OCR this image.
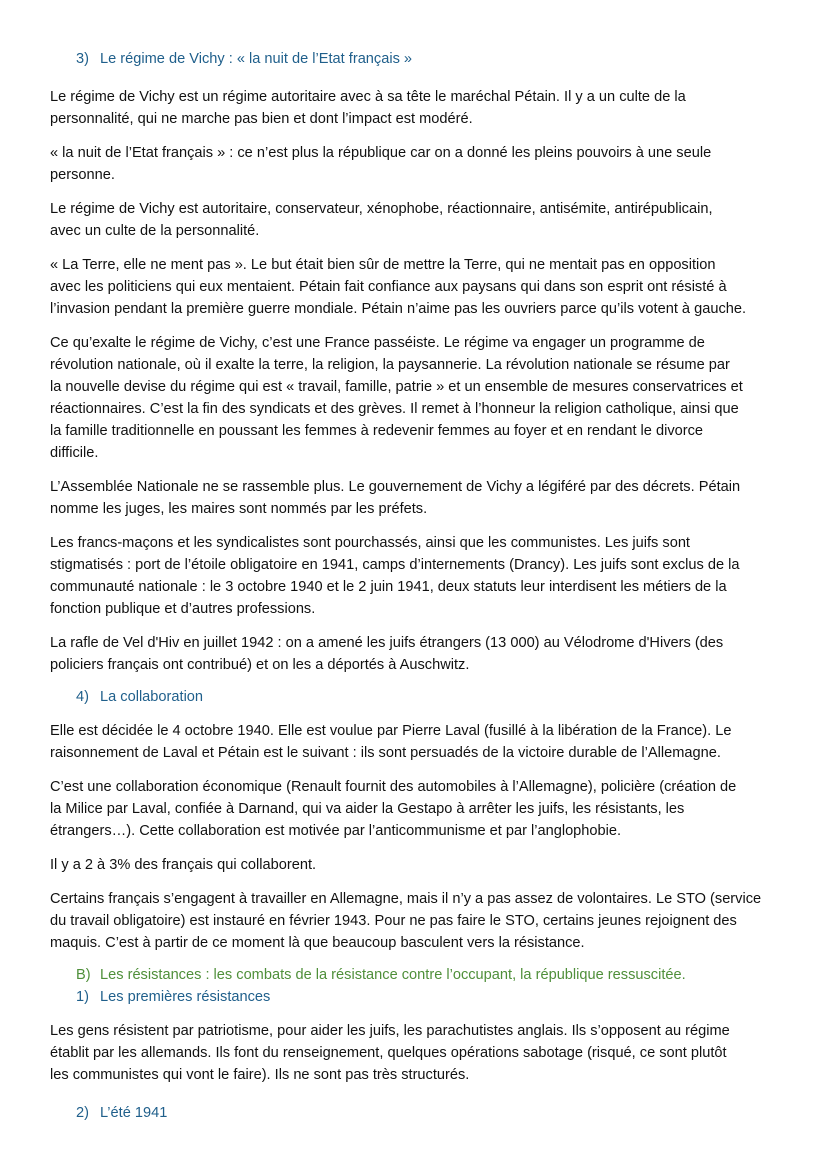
3) Le régime de Vichy : « la nuit de l’Etat français »

Le régime de Vichy est un régime autoritaire avec à sa tête le maréchal Pétain. Il y a un culte de la
personnalité, qui ne marche pas bien et dont l’impact est modéré.

« la nuit de l’Etat français » : ce n’est plus la république car on a donné les pleins pouvoirs à une seule
personne.

Le régime de Vichy est autoritaire, conservateur, xénophobe, réactionnaire, antisémite, antirépublicain,
avec un culte de la personnalité.

« La Terre, elle ne ment pas ». Le but était bien sûr de mettre la Terre, qui ne mentait pas en opposition
avec les politiciens qui eux mentaient. Pétain fait confiance aux paysans qui dans son esprit ont résisté à
l’invasion pendant la première guerre mondiale. Pétain n’aime pas les ouvriers parce qu’ils votent à gauche.

Ce qu’exalte le régime de Vichy, c’est une France passéiste. Le régime va engager un programme de
révolution nationale, où il exalte la terre, la religion, la paysannerie. La révolution nationale se résume par
la nouvelle devise du régime qui est « travail, famille, patrie » et un ensemble de mesures conservatrices et
réactionnaires. C’est la fin des syndicats et des grèves. Il remet à l’honneur la religion catholique, ainsi que
la famille traditionnelle en poussant les femmes à redevenir femmes au foyer et en rendant le divorce
difficile.

L’Assemblée Nationale ne se rassemble plus. Le gouvernement de Vichy a légiféré par des décrets. Pétain
nomme les juges, les maires sont nommés par les préfets.

Les francs-maçons et les syndicalistes sont pourchassés, ainsi que les communistes. Les juifs sont
stigmatisés : port de l’étoile obligatoire en 1941, camps d’internements (Drancy). Les juifs sont exclus de la
communauté nationale : le 3 octobre 1940 et le 2 juin 1941, deux statuts leur interdisent les métiers de la
fonction publique et d’autres professions.

La rafle de Vel d'Hiv en juillet 1942 : on a amené les juifs étrangers (13 000) au Vélodrome d'Hivers (des
policiers français ont contribué) et on les a déportés à Auschwitz.

4) La collaboration

Elle est décidée le 4 octobre 1940. Elle est voulue par Pierre Laval (fusillé à la libération de la France). Le
raisonnement de Laval et Pétain est le suivant : ils sont persuadés de la victoire durable de l’Allemagne.

C’est une collaboration économique (Renault fournit des automobiles à l’Allemagne), policière (création de
la Milice par Laval, confiée à Darnand, qui va aider la Gestapo à arrêter les juifs, les résistants, les
étrangers…). Cette collaboration est motivée par l’anticommunisme et par l’anglophobie.

Il y a 2 à 3% des français qui collaborent.

Certains français s’engagent à travailler en Allemagne, mais il n’y a pas assez de volontaires. Le STO (service
du travail obligatoire) est instauré en février 1943. Pour ne pas faire le STO, certains jeunes rejoignent des
maquis. C’est à partir de ce moment là que beaucoup basculent vers la résistance.

B) Les résistances : les combats de la résistance contre l’occupant, la république ressuscitée.
1) Les premières résistances

Les gens résistent par patriotisme, pour aider les juifs, les parachutistes anglais. Ils s’opposent au régime
établit par les allemands. Ils font du renseignement, quelques opérations sabotage (risqué, ce sont plutôt
les communistes qui vont le faire). Ils ne sont pas très structurés.

2) L’été 1941
